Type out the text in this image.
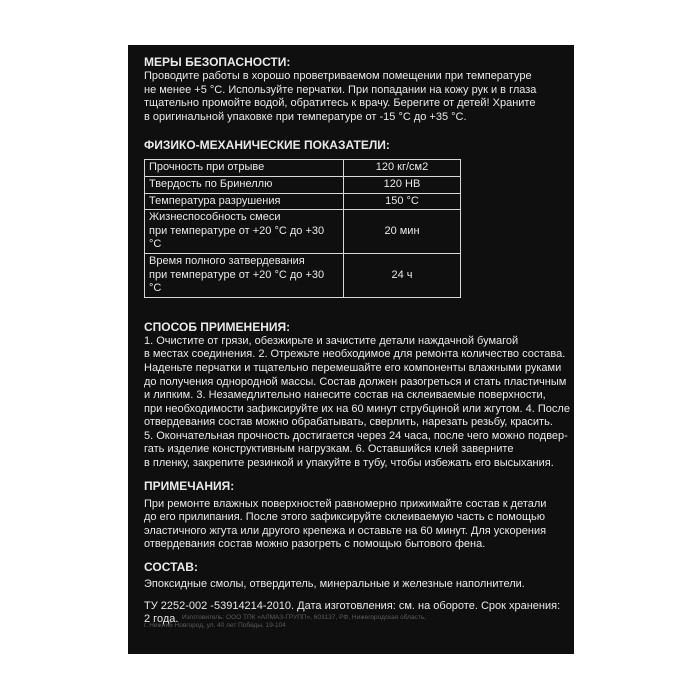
МЕРЫ БЕЗОПАСНОСТИ:

Проводите работы в хорошо проветриваемом помещении при температуре
не менее +5 °С. Используйте перчатки. При попадании на кожу рук и в глаза
тщательно промойте водой, обратитесь к врачу. Берегите от детей! Храните
в оригинальной упаковке при температуре от -15 °С до +35 °С.

ФИЗИКО-МЕХАНИЧЕСКИЕ ПОКАЗАТЕЛИ:

Прочность при отрыве	120 кг/см2
Твердость по Бринеллю	120 HB
Температура разрушения	150 °С
Жизнеспособность смеси
при температуре от +20 °С до +30 °С	20 мин
Время полного затвердевания
при температуре от +20 °С до +30 °С	24 ч

СПОСОБ ПРИМЕНЕНИЯ:

1. Очистите от грязи, обезжирьте и зачистите детали наждачной бумагой
в местах соединения. 2. Отрежьте необходимое для ремонта количество состава.
Наденьте перчатки и тщательно перемешайте его компоненты влажными руками
до получения однородной массы. Состав должен разогреться и стать пластичным
и липким. 3. Незамедлительно нанесите состав на склеиваемые поверхности,
при необходимости зафиксируйте их на 60 минут струбциной или жгутом. 4. После
отвердевания состав можно обрабатывать, сверлить, нарезать резьбу, красить.
5. Окончательная прочность достигается через 24 часа, после чего можно подвер-
гать изделие конструктивным нагрузкам. 6. Оставшийся клей заверните
в пленку, закрепите резинкой и упакуйте в тубу, чтобы избежать его высыхания.

ПРИМЕЧАНИЯ:

При ремонте влажных поверхностей равномерно прижимайте состав к детали
до его прилипания. После этого зафиксируйте склеиваемую часть с помощью
эластичного жгута или другого крепежа и оставьте на 60 минут. Для ускорения
отвердевания состав можно разогреть с помощью бытового фена.

СОСТАВ:

Эпоксидные смолы, отвердитель, минеральные и железные наполнители.
ТУ 2252-002 -53914214-2010. Дата изготовления: см. на обороте. Срок хранения:
2 года. Изготовитель: ООО ТПК «АЛМАЗ-ГРУПП», 603137, РФ, Нижегородская область,
г. Нижний Новгород, ул. 40 лет Победы, 19-104
